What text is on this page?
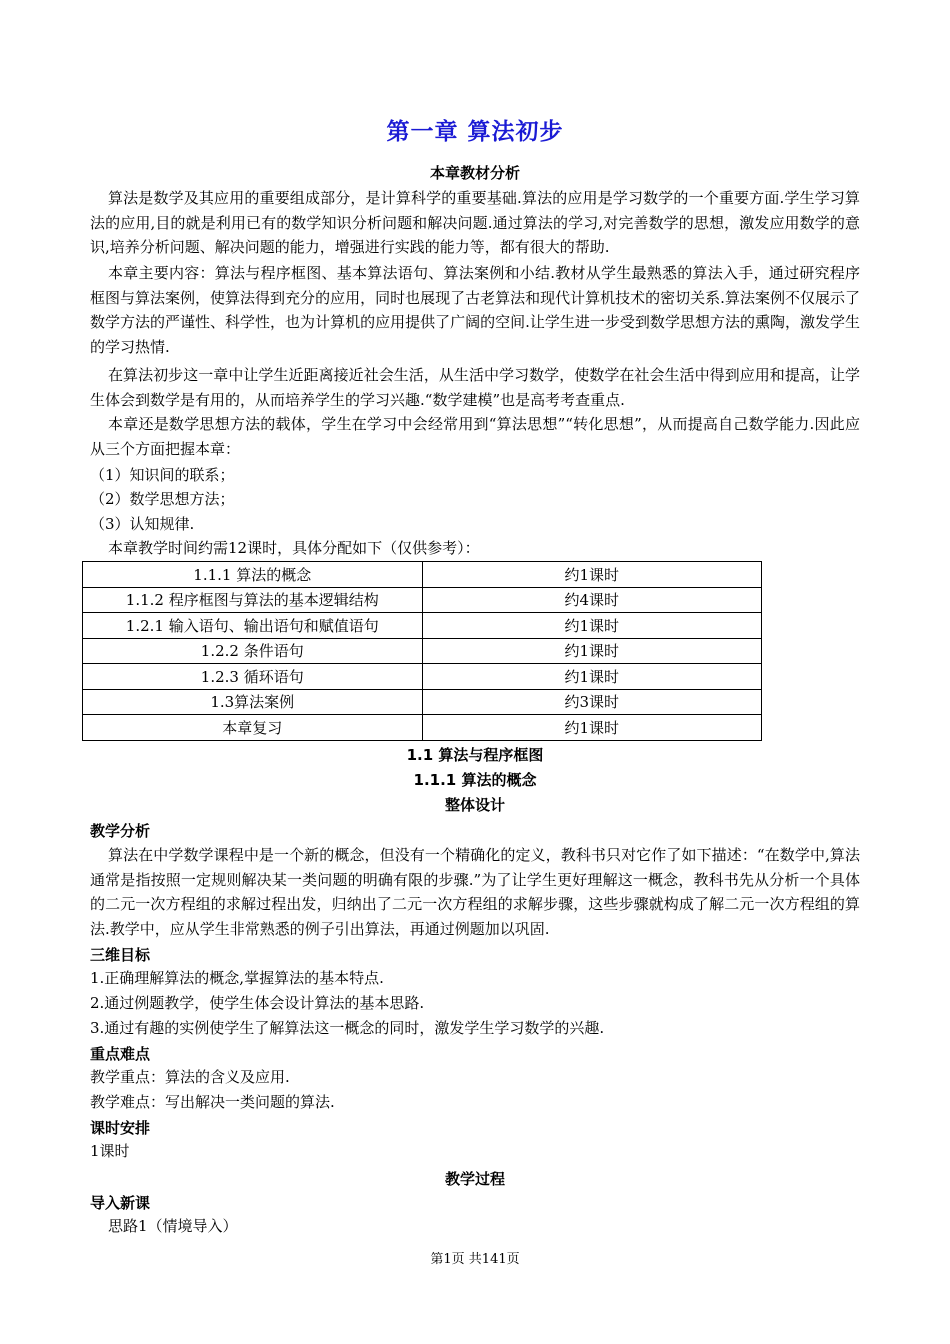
第一章 算法初步
本章教材分析
算法是数学及其应用的重要组成部分，是计算科学的重要基础.算法的应用是学习数学的一个重要方面.学生学习算法的应用,目的就是利用已有的数学知识分析问题和解决问题.通过算法的学习,对完善数学的思想，激发应用数学的意识,培养分析问题、解决问题的能力，增强进行实践的能力等，都有很大的帮助.
本章主要内容：算法与程序框图、基本算法语句、算法案例和小结.教材从学生最熟悉的算法入手，通过研究程序框图与算法案例，使算法得到充分的应用，同时也展现了古老算法和现代计算机技术的密切关系.算法案例不仅展示了数学方法的严谨性、科学性，也为计算机的应用提供了广阔的空间.让学生进一步受到数学思想方法的熏陶，激发学生的学习热情.
在算法初步这一章中让学生近距离接近社会生活，从生活中学习数学，使数学在社会生活中得到应用和提高，让学生体会到数学是有用的，从而培养学生的学习兴趣.“数学建模”也是高考考查重点.
本章还是数学思想方法的载体，学生在学习中会经常用到“算法思想”“转化思想”，从而提高自己数学能力.因此应从三个方面把握本章：
（1）知识间的联系；
（2）数学思想方法；
（3）认知规律.
本章教学时间约需12课时，具体分配如下（仅供参考）：
1.1.1 算法的概念	约1课时
1.1.2 程序框图与算法的基本逻辑结构	约4课时
1.2.1 输入语句、输出语句和赋值语句	约1课时
1.2.2 条件语句	约1课时
1.2.3 循环语句	约1课时
1.3算法案例	约3课时
本章复习	约1课时
1.1 算法与程序框图
1.1.1 算法的概念
整体设计
教学分析
算法在中学数学课程中是一个新的概念，但没有一个精确化的定义，教科书只对它作了如下描述：“在数学中,算法通常是指按照一定规则解决某一类问题的明确有限的步骤.”为了让学生更好理解这一概念，教科书先从分析一个具体的二元一次方程组的求解过程出发，归纳出了二元一次方程组的求解步骤，这些步骤就构成了解二元一次方程组的算法.教学中，应从学生非常熟悉的例子引出算法，再通过例题加以巩固.
三维目标
1.正确理解算法的概念,掌握算法的基本特点.
2.通过例题教学，使学生体会设计算法的基本思路.
3.通过有趣的实例使学生了解算法这一概念的同时，激发学生学习数学的兴趣.
重点难点
教学重点：算法的含义及应用.
教学难点：写出解决一类问题的算法.
课时安排
1课时
教学过程
导入新课
思路1（情境导入）
第1页 共141页
